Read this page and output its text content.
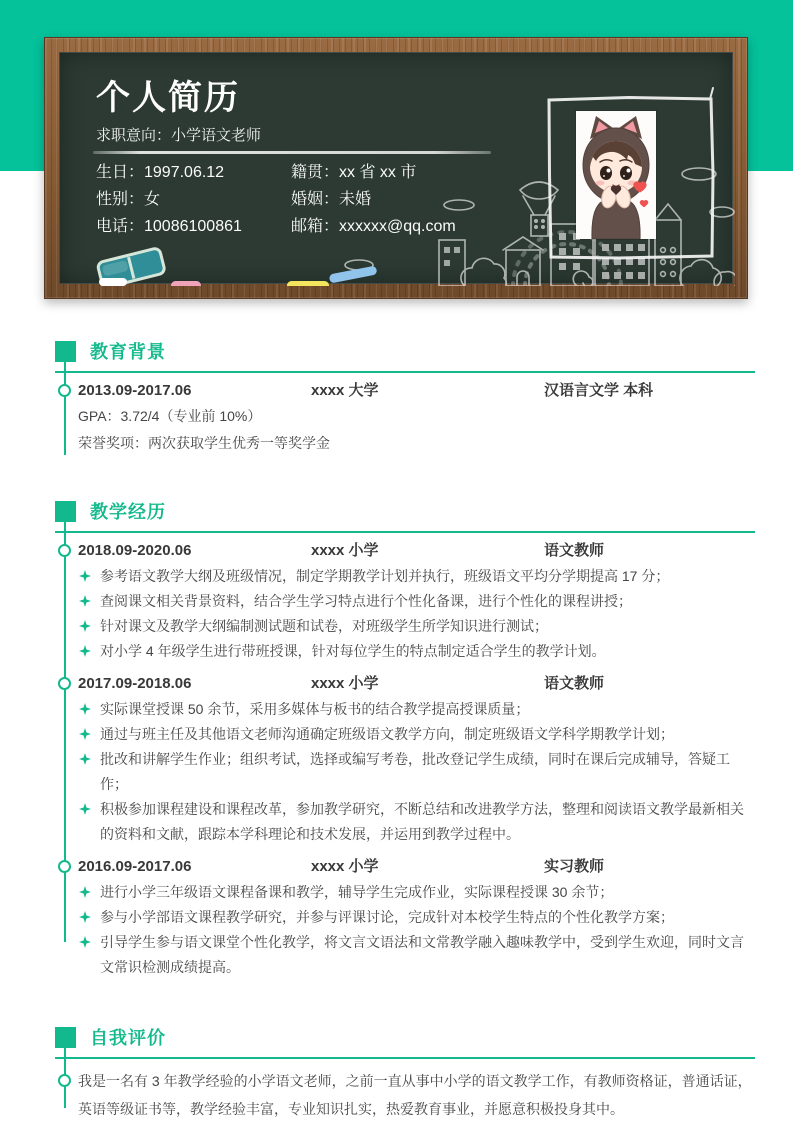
个人简历
求职意向：小学语文老师
生日：1997.06.12	籍贯：xx 省 xx 市
性别：女	婚姻：未婚
电话：10086100861	邮箱：xxxxxx@qq.com
教育背景
2013.09-2017.06	xxxx 大学	汉语言文学 本科
GPA：3.72/4（专业前 10%）
荣誉奖项：两次获取学生优秀一等奖学金
教学经历
2018.09-2020.06	xxxx 小学	语文教师
参考语文教学大纲及班级情况，制定学期教学计划并执行，班级语文平均分学期提高 17 分；
查阅课文相关背景资料，结合学生学习特点进行个性化备课，进行个性化的课程讲授；
针对课文及教学大纲编制测试题和试卷，对班级学生所学知识进行测试；
对小学 4 年级学生进行带班授课，针对每位学生的特点制定适合学生的教学计划。
2017.09-2018.06	xxxx 小学	语文教师
实际课堂授课 50 余节，采用多媒体与板书的结合教学提高授课质量；
通过与班主任及其他语文老师沟通确定班级语文教学方向，制定班级语文学科学期教学计划；
批改和讲解学生作业；组织考试，选择或编写考卷，批改登记学生成绩，同时在课后完成辅导，答疑工作；
积极参加课程建设和课程改革，参加教学研究，不断总结和改进教学方法，整理和阅读语文教学最新相关的资料和文献，跟踪本学科理论和技术发展，并运用到教学过程中。
2016.09-2017.06	xxxx 小学	实习教师
进行小学三年级语文课程备课和教学，辅导学生完成作业，实际课程授课 30 余节；
参与小学部语文课程教学研究，并参与评课讨论，完成针对本校学生特点的个性化教学方案；
引导学生参与语文课堂个性化教学，将文言文语法和文常教学融入趣味教学中，受到学生欢迎，同时文言文常识检测成绩提高。
自我评价

我是一名有 3 年教学经验的小学语文老师，之前一直从事中小学的语文教学工作，有教师资格证，普通话证，英语等级证书等，教学经验丰富，专业知识扎实，热爱教育事业，并愿意积极投身其中。
